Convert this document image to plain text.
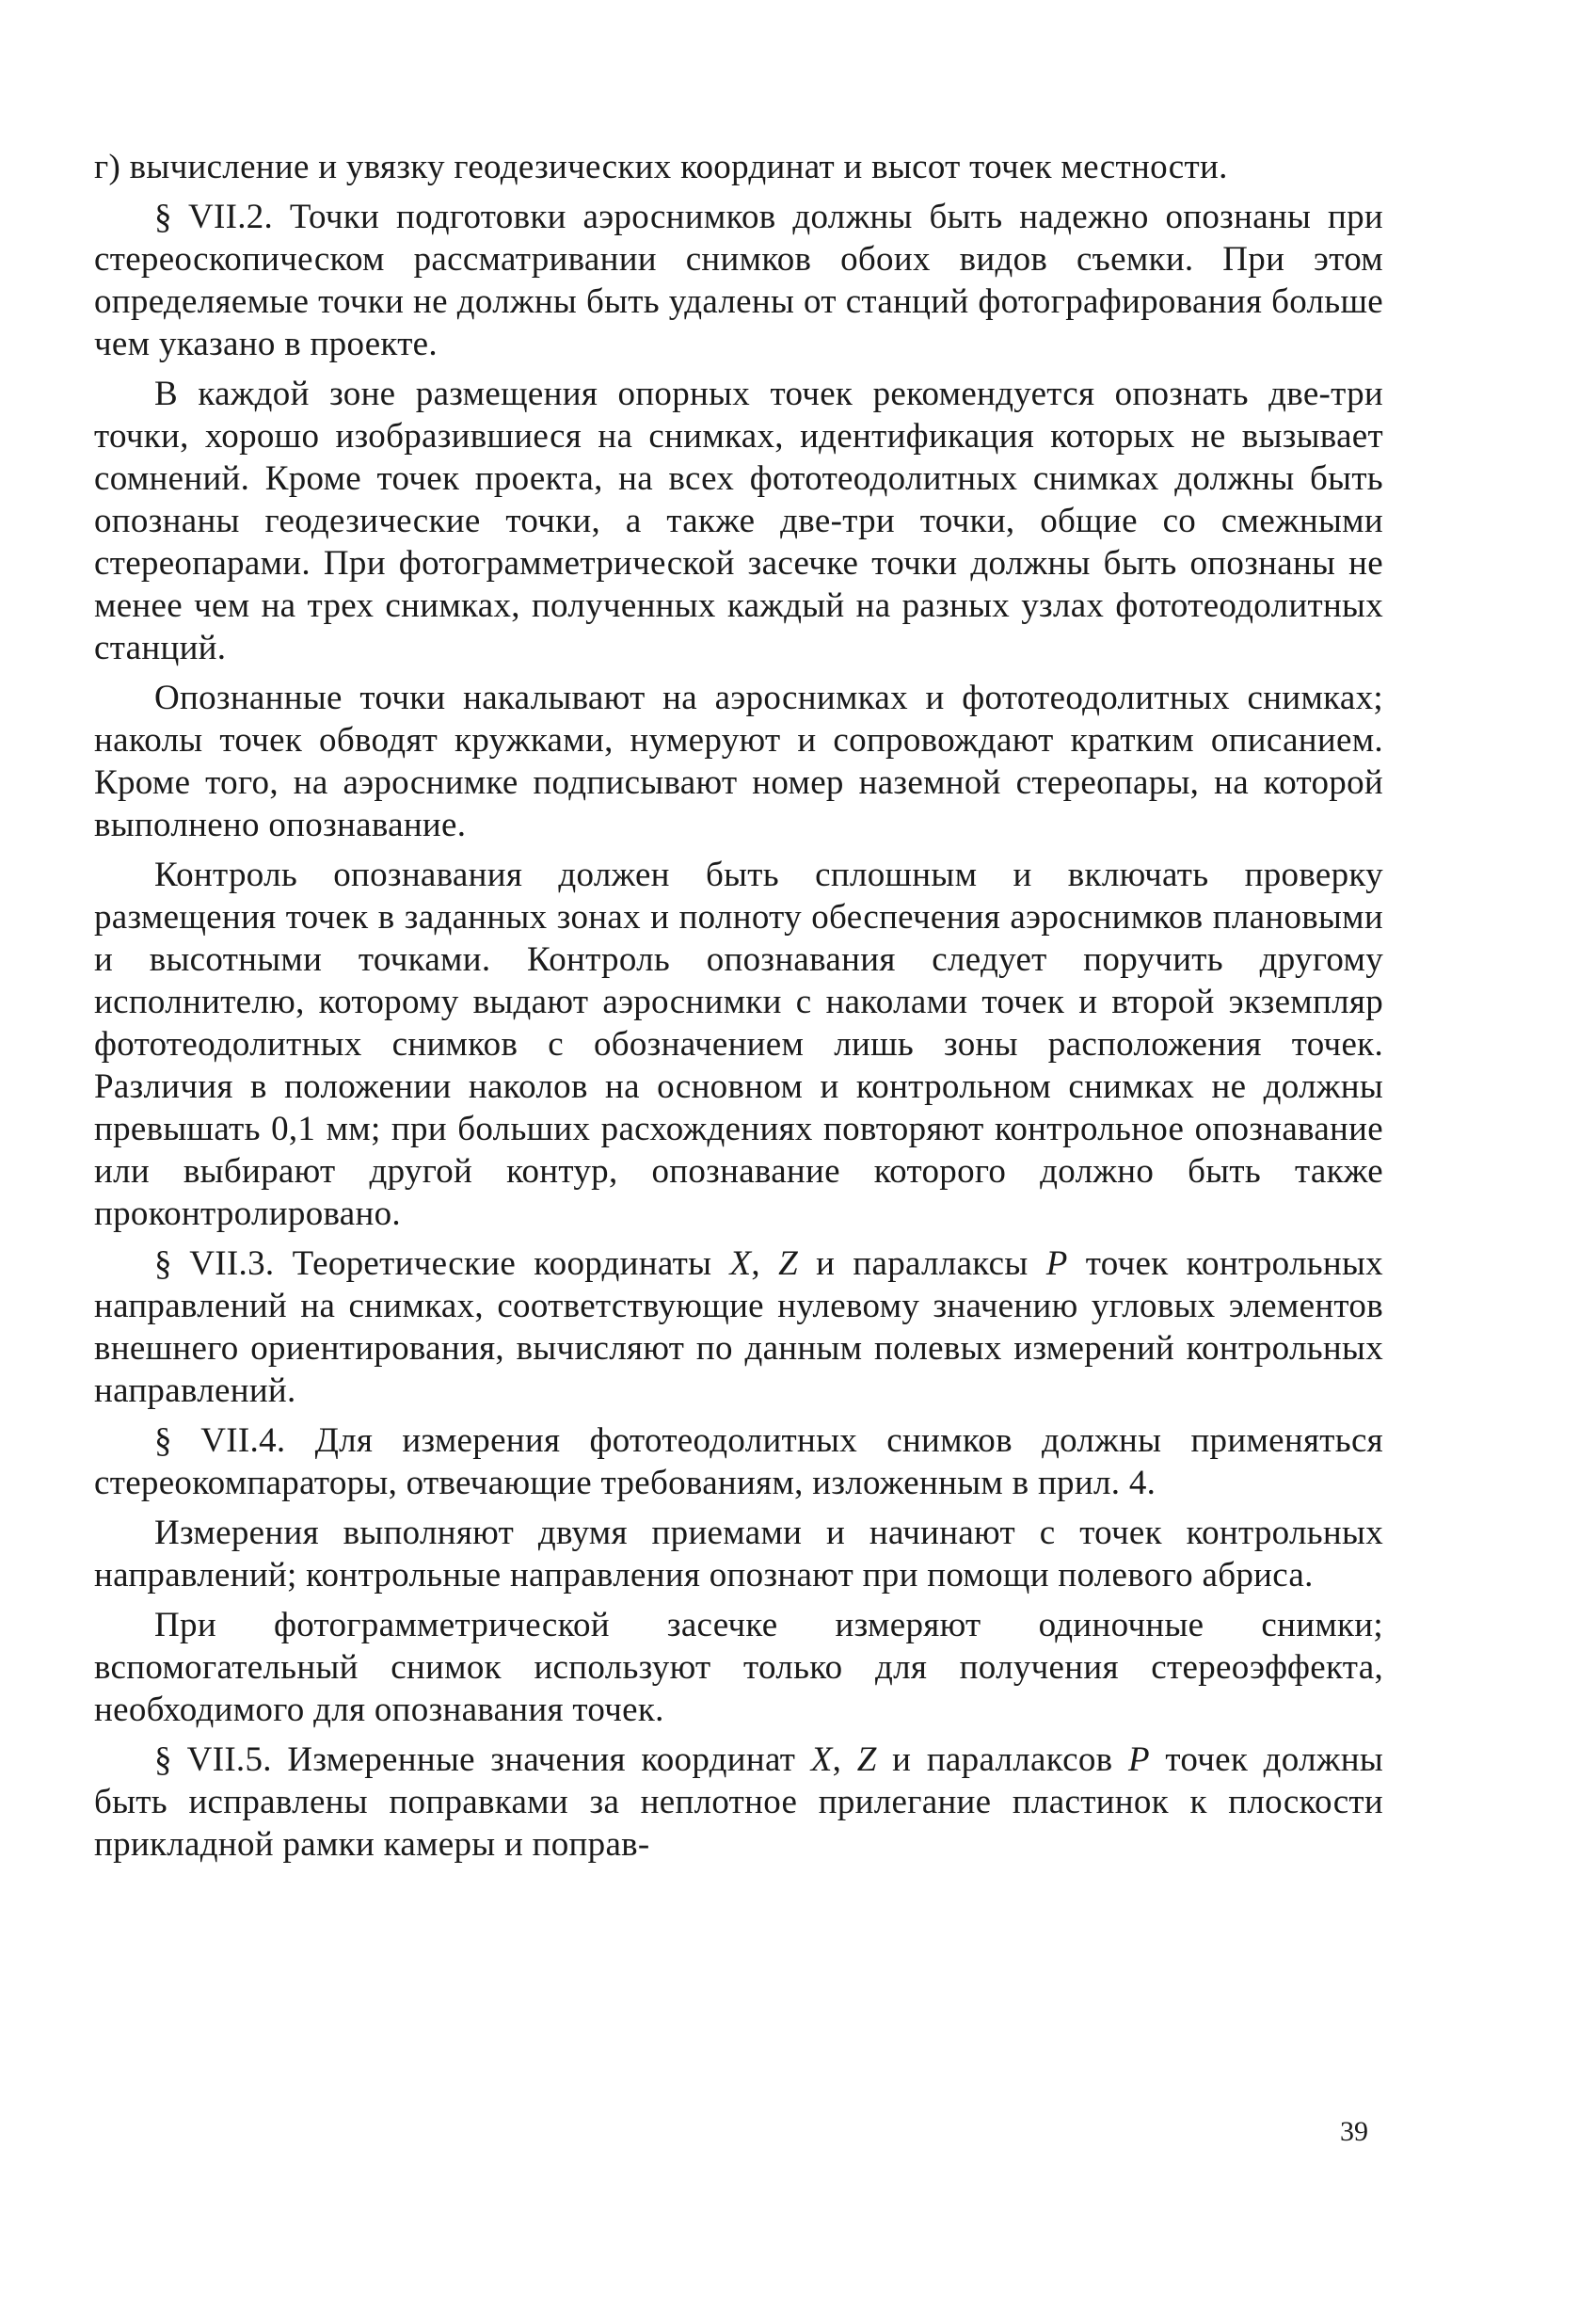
г) вычисление и увязку геодезических координат и высот точек местности.

§ VII.2. Точки подготовки аэроснимков должны быть надежно опознаны при стереоскопическом рассматривании снимков обоих видов съемки. При этом определяемые точки не должны быть удалены от станций фотографирования больше чем указано в проекте.

В каждой зоне размещения опорных точек рекомендуется опознать две-три точки, хорошо изобразившиеся на снимках, идентификация которых не вызывает сомнений. Кроме точек проекта, на всех фототеодолитных снимках должны быть опознаны геодезические точки, а также две-три точки, общие со смежными стереопарами. При фотограмметрической засечке точки должны быть опознаны не менее чем на трех снимках, полученных каждый на разных узлах фототеодолитных станций.

Опознанные точки накалывают на аэроснимках и фототеодолитных снимках; наколы точек обводят кружками, нумеруют и сопровождают кратким описанием. Кроме того, на аэроснимке подписывают номер наземной стереопары, на которой выполнено опознавание.

Контроль опознавания должен быть сплошным и включать проверку размещения точек в заданных зонах и полноту обеспечения аэроснимков плановыми и высотными точками. Контроль опознавания следует поручить другому исполнителю, которому выдают аэроснимки с наколами точек и второй экземпляр фототеодолитных снимков с обозначением лишь зоны расположения точек. Различия в положении наколов на основном и контрольном снимках не должны превышать 0,1 мм; при больших расхождениях повторяют контрольное опознавание или выбирают другой контур, опознавание которого должно быть также проконтролировано.

§ VII.3. Теоретические координаты X, Z и параллаксы P точек контрольных направлений на снимках, соответствующие нулевому значению угловых элементов внешнего ориентирования, вычисляют по данным полевых измерений контрольных направлений.

§ VII.4. Для измерения фототеодолитных снимков должны применяться стереокомпараторы, отвечающие требованиям, изложенным в прил. 4.

Измерения выполняют двумя приемами и начинают с точек контрольных направлений; контрольные направления опознают при помощи полевого абриса.

При фотограмметрической засечке измеряют одиночные снимки; вспомогательный снимок используют только для получения стереоэффекта, необходимого для опознавания точек.

§ VII.5. Измеренные значения координат X, Z и параллаксов P точек должны быть исправлены поправками за неплотное прилегание пластинок к плоскости прикладной рамки камеры и поправ-

39
